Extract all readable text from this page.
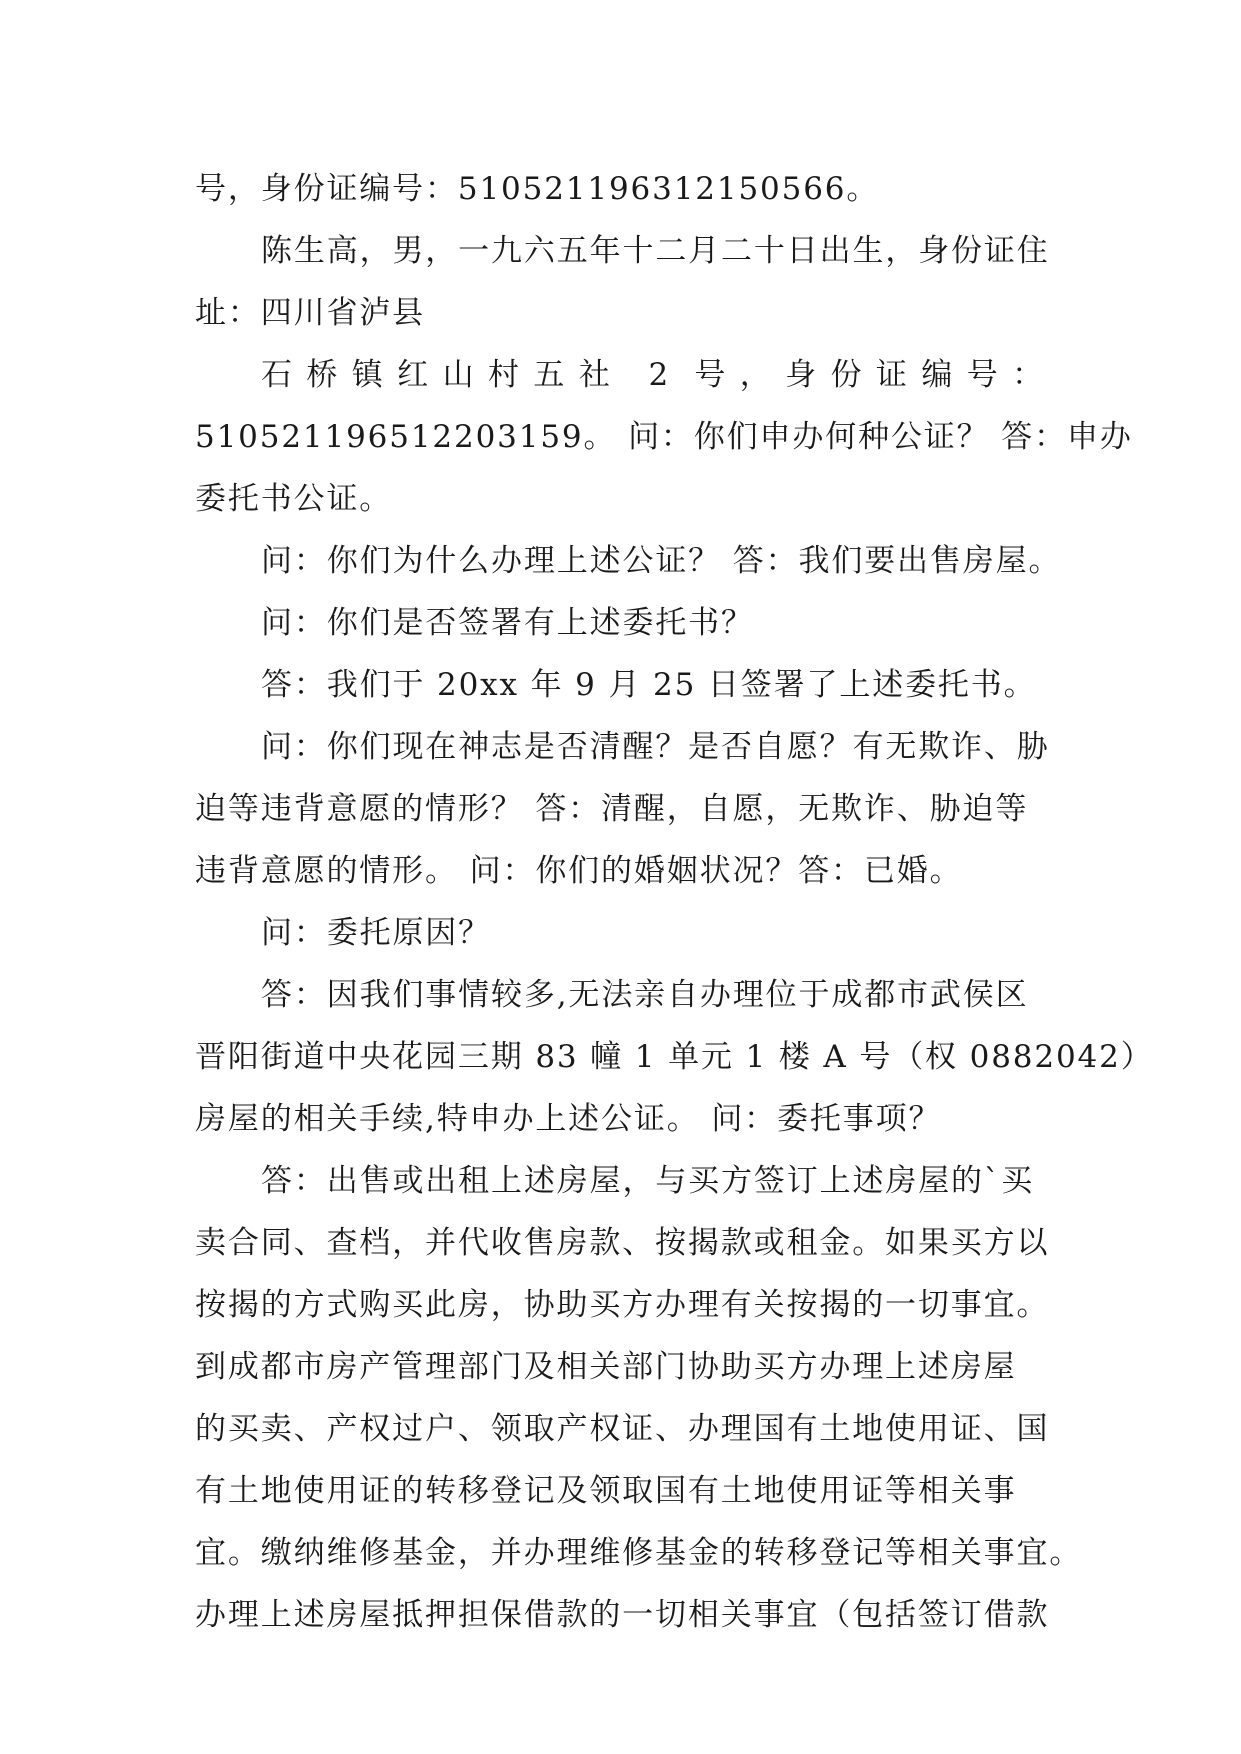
号，身份证编号：510521196312150566。
陈生高，男，一九六五年十二月二十日出生，身份证住
址：四川省泸县
石桥镇红山村五社 2 号，身份证编号：
510521196512203159。 问：你们申办何种公证？ 答：申办
委托书公证。
问：你们为什么办理上述公证？ 答：我们要出售房屋。
问：你们是否签署有上述委托书？
答：我们于 20xx 年 9 月 25 日签署了上述委托书。
问：你们现在神志是否清醒？是否自愿？有无欺诈、胁
迫等违背意愿的情形？ 答：清醒，自愿，无欺诈、胁迫等
违背意愿的情形。 问：你们的婚姻状况？答：已婚。
问：委托原因？
答：因我们事情较多,无法亲自办理位于成都市武侯区
晋阳街道中央花园三期 83 幢 1 单元 1 楼 A 号（权 0882042）
房屋的相关手续,特申办上述公证。 问：委托事项？
答：出售或出租上述房屋，与买方签订上述房屋的`买
卖合同、查档，并代收售房款、按揭款或租金。如果买方以
按揭的方式购买此房，协助买方办理有关按揭的一切事宜。
到成都市房产管理部门及相关部门协助买方办理上述房屋
的买卖、产权过户、领取产权证、办理国有土地使用证、国
有土地使用证的转移登记及领取国有土地使用证等相关事
宜。缴纳维修基金，并办理维修基金的转移登记等相关事宜。
办理上述房屋抵押担保借款的一切相关事宜（包括签订借款
